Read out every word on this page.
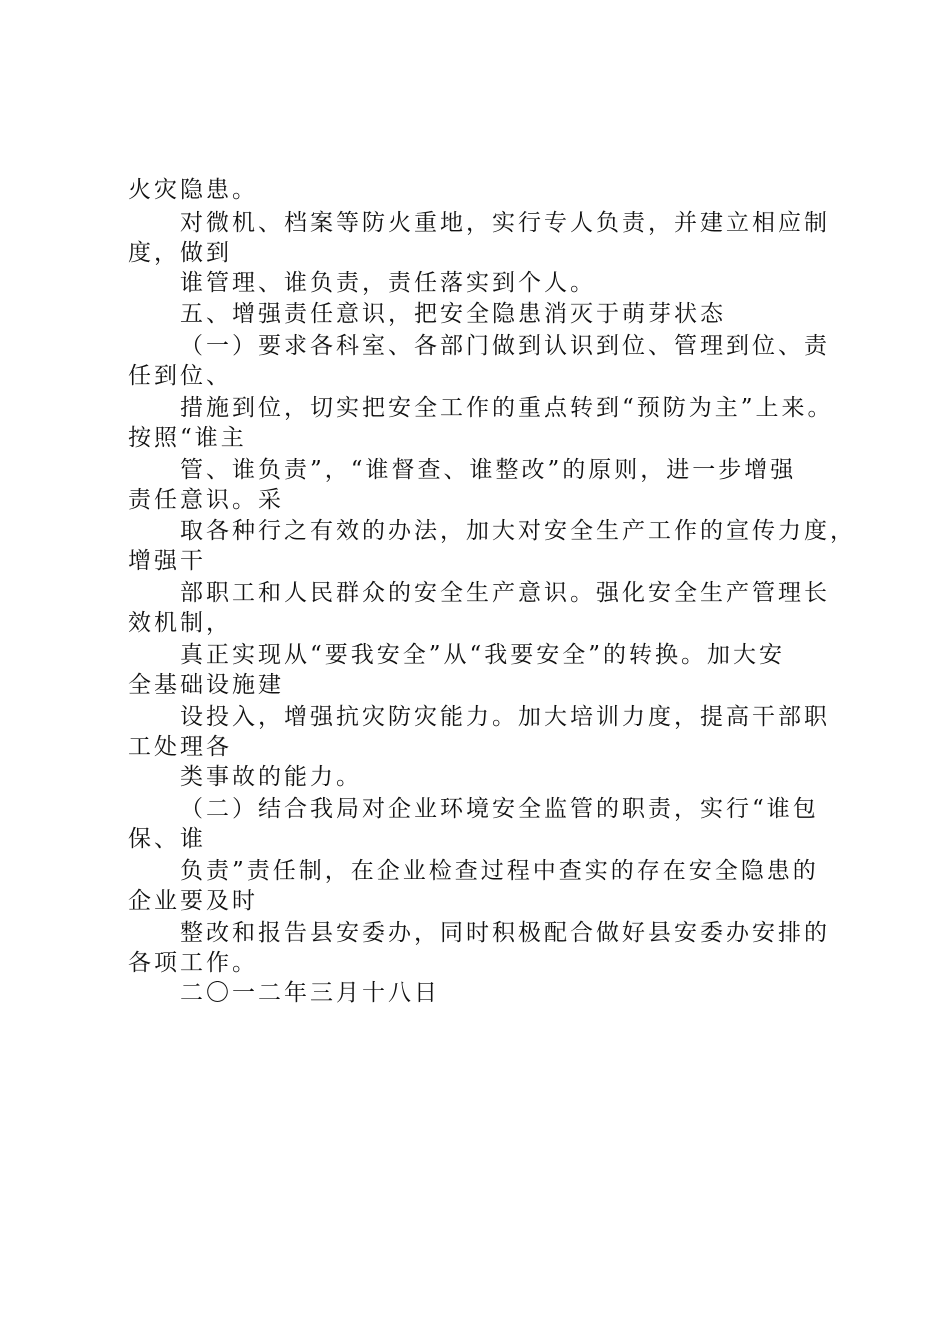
火灾隐患。
对微机、档案等防火重地，实行专人负责，并建立相应制
度，做到
谁管理、谁负责，责任落实到个人。
五、增强责任意识，把安全隐患消灭于萌芽状态
（一）要求各科室、各部门做到认识到位、管理到位、责
任到位、
措施到位，切实把安全工作的重点转到“预防为主”上来。
按照“谁主
管、谁负责”，“谁督查、谁整改”的原则，进一步增强
责任意识。采
取各种行之有效的办法，加大对安全生产工作的宣传力度，
增强干
部职工和人民群众的安全生产意识。强化安全生产管理长
效机制，
真正实现从“要我安全”从“我要安全”的转换。加大安
全基础设施建
设投入，增强抗灾防灾能力。加大培训力度，提高干部职
工处理各
类事故的能力。
（二）结合我局对企业环境安全监管的职责，实行“谁包
保、谁
负责”责任制，在企业检查过程中查实的存在安全隐患的
企业要及时
整改和报告县安委办，同时积极配合做好县安委办安排的
各项工作。
二〇一二年三月十八日
